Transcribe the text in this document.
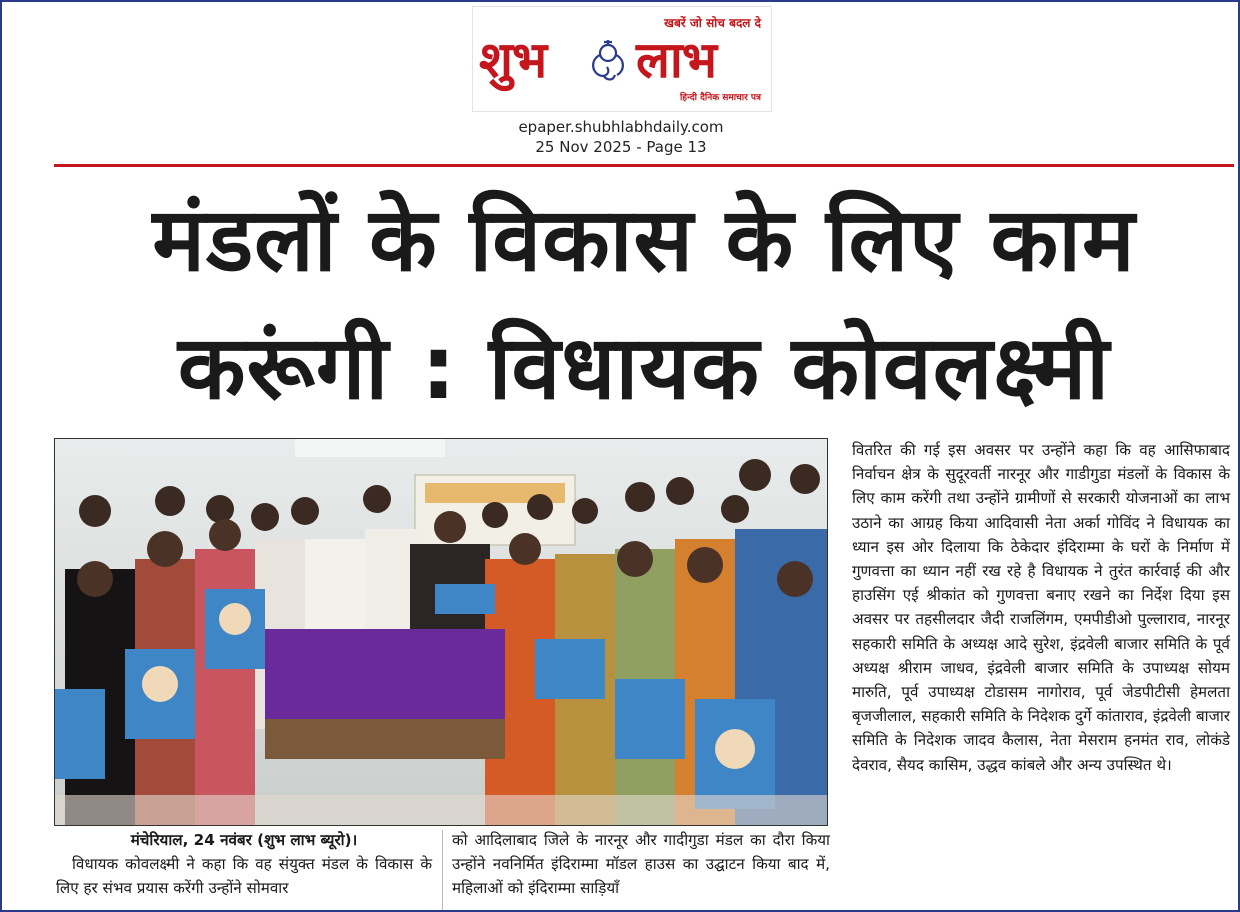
खबरें जो सोच बदल दे
शुभ लाभ
हिन्दी दैनिक समाचार पत्र
epaper.shubhlabhdaily.com
25 Nov 2025 - Page 13
मंडलों के विकास के लिए काम
करूंगी : विधायक कोवलक्ष्मी
वितरित की गई इस अवसर पर उन्होंने कहा कि वह आसिफाबाद निर्वाचन क्षेत्र के सुदूरवर्ती नारनूर और गाडीगुडा मंडलों के विकास के लिए काम करेंगी तथा उन्होंने ग्रामीणों से सरकारी योजनाओं का लाभ उठाने का आग्रह किया आदिवासी नेता अर्का गोविंद ने विधायक का ध्यान इस ओर दिलाया कि ठेकेदार इंदिराम्मा के घरों के निर्माण में गुणवत्ता का ध्यान नहीं रख रहे है विधायक ने तुरंत कार्रवाई की और हाउसिंग एई श्रीकांत को गुणवत्ता बनाए रखने का निर्देश दिया इस अवसर पर तहसीलदार जैदी राजलिंगम, एमपीडीओ पुल्लाराव, नारनूर सहकारी समिति के अध्यक्ष आदे सुरेश, इंद्रवेली बाजार समिति के पूर्व अध्यक्ष श्रीराम जाधव, इंद्रवेली बाजार समिति के उपाध्यक्ष सोयम मारुति, पूर्व उपाध्यक्ष टोडासम नागोराव, पूर्व जेडपीटीसी हेमलता बृजजीलाल, सहकारी समिति के निदेशक दुर्गे कांताराव, इंद्रवेली बाजार समिति के निदेशक जादव कैलास, नेता मेसराम हनमंत राव, लोकंडे देवराव, सैयद कासिम, उद्धव कांबले और अन्य उपस्थित थे।
मंचेरियाल, 24 नवंबर (शुभ लाभ ब्यूरो)।
विधायक कोवलक्ष्मी ने कहा कि वह संयुक्त मंडल के विकास के लिए हर संभव प्रयास करेंगी उन्होंने सोमवार
को आदिलाबाद जिले के नारनूर और गादीगुडा मंडल का दौरा किया उन्होंने नवनिर्मित इंदिराम्मा मॉडल हाउस का उद्घाटन किया बाद में, महिलाओं को इंदिराम्मा साड़ियाँ
